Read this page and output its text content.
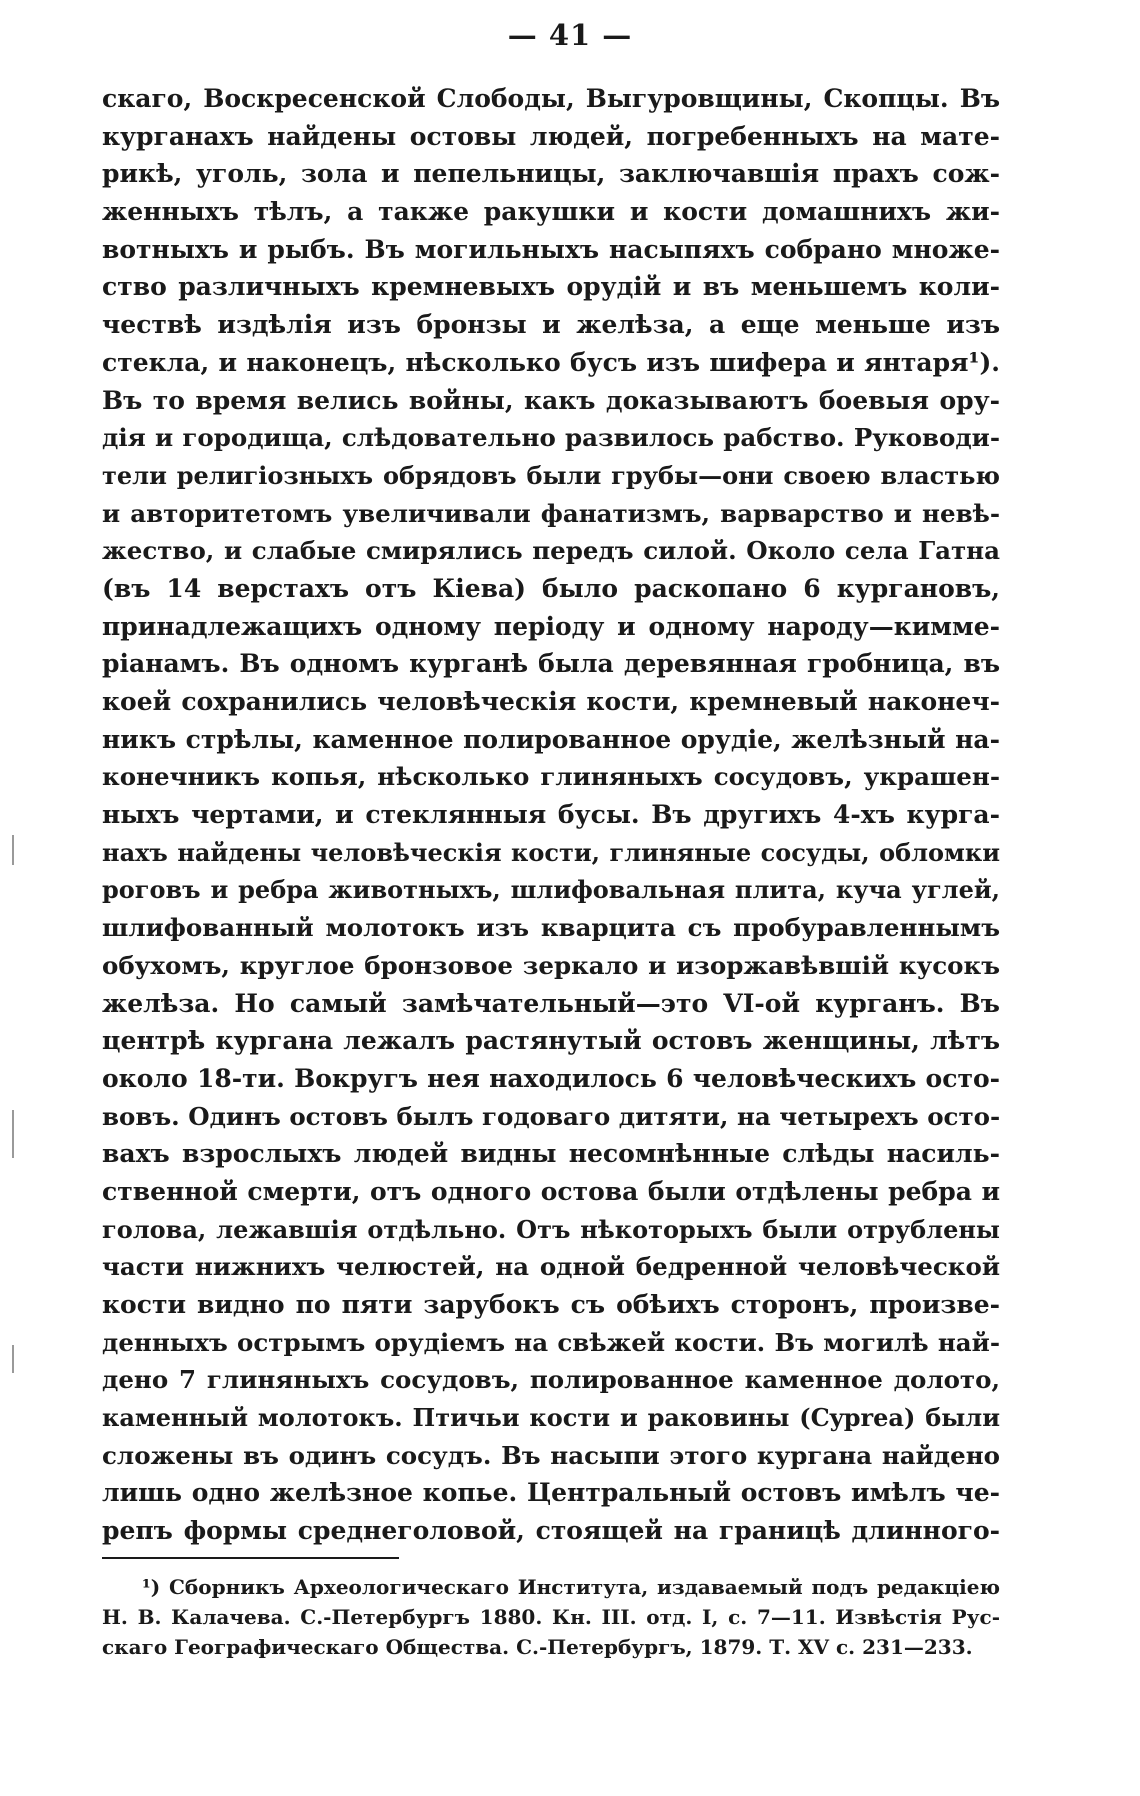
— 41 —
скаго, Воскресенской Слободы, Выгуровщины, Скопцы. Въ
курганахъ найдены остовы людей, погребенныхъ на мате-
рикѣ, уголь, зола и пепельницы, заключавшія прахъ сож-
женныхъ тѣлъ, а также ракушки и кости домашнихъ жи-
вотныхъ и рыбъ. Въ могильныхъ насыпяхъ собрано множе-
ство различныхъ кремневыхъ орудій и въ меньшемъ коли-
чествѣ издѣлія изъ бронзы и желѣза, а еще меньше изъ
стекла, и наконецъ, нѣсколько бусъ изъ шифера и янтаря¹).
Въ то время велись войны, какъ доказываютъ боевыя ору-
дія и городища, слѣдовательно развилось рабство. Руководи-
тели религіозныхъ обрядовъ были грубы—они своею властью
и авторитетомъ увеличивали фанатизмъ, варварство и невѣ-
жество, и слабые смирялись передъ силой. Около села Гатна
(въ 14 верстахъ отъ Кіева) было раскопано 6 кургановъ,
принадлежащихъ одному періоду и одному народу—киммe-
ріанамъ. Въ одномъ курганѣ была деревянная гробница, въ
коей сохранились человѣческія кости, кремневый наконеч-
никъ стрѣлы, каменное полированное орудіе, желѣзный на-
конечникъ копья, нѣсколько глиняныхъ сосудовъ, украшен-
ныхъ чертами, и стеклянныя бусы. Въ другихъ 4-хъ курга-
нахъ найдены человѣческія кости, глиняные сосуды, обломки
роговъ и ребра животныхъ, шлифовальная плита, куча углей,
шлифованный молотокъ изъ кварцита съ пробуравленнымъ
обухомъ, круглое бронзовое зеркало и изоржавѣвшій кусокъ
желѣза. Но самый замѣчательный—это VI-ой курганъ. Въ
центрѣ кургана лежалъ растянутый остовъ женщины, лѣтъ
около 18-ти. Вокругъ нея находилось 6 человѣческихъ осто-
вовъ. Одинъ остовъ былъ годоваго дитяти, на четырехъ осто-
вахъ взрослыхъ людей видны несомнѣнные слѣды насиль-
ственной смерти, отъ одного остова были отдѣлены ребра и
голова, лежавшія отдѣльно. Отъ нѣкоторыхъ были отрублены
части нижнихъ челюстей, на одной бедренной человѣческой
кости видно по пяти зарубокъ съ обѣихъ сторонъ, произве-
денныхъ острымъ орудіемъ на свѣжей кости. Въ могилѣ най-
дено 7 глиняныхъ сосудовъ, полированное каменное долото,
каменный молотокъ. Птичьи кости и раковины (Cyprea) были
сложены въ одинъ сосудъ. Въ насыпи этого кургана найдено
лишь одно желѣзное копье. Центральный остовъ имѣлъ че-
репъ формы среднеголовой, стоящей на границѣ длинного-
¹) Сборникъ Археологическаго Института, издаваемый подъ редакціею
Н. В. Калачева. С.-Петербургъ 1880. Кн. III. отд. I, с. 7—11. Извѣстія Рус-
скаго Географическаго Общества. С.-Петербургъ, 1879. Т. XV с. 231—233.
